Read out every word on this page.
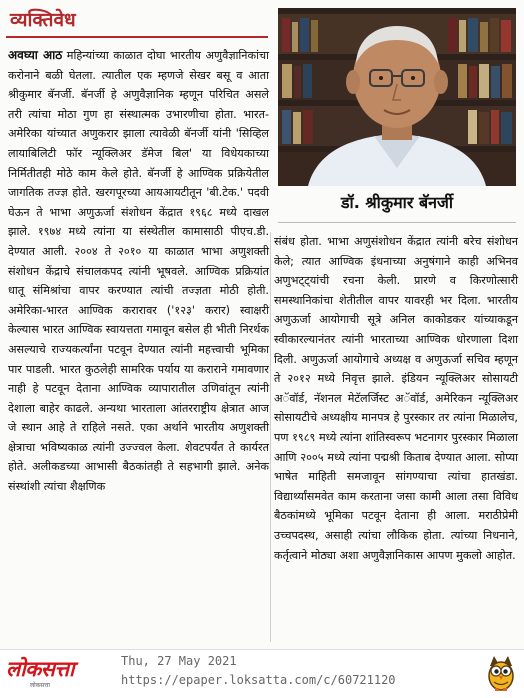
व्यक्तिवेध
अवघ्या आठ महिन्यांच्या काळात दोघा भारतीय अणुवैज्ञानिकांचा करोनाने बळी घेतला. त्यातील एक म्हणजे सेखर बसू व आता श्रीकुमार बॅनर्जी. बॅनर्जी हे अणुवैज्ञानिक म्हणून परिचित असले तरी त्यांचा मोठा गुण हा संस्थात्मक उभारणीचा होता. भारत-अमेरिका यांच्यात अणुकरार झाला त्यावेळी बॅनर्जी यांनी 'सिव्हिल लायाबिलिटी फॉर न्यूक्लिअर डॅमेज बिल' या विधेयकाच्या निर्मितीतही मोठे काम केले होते. बॅनर्जी हे आण्विक प्रक्रियेतील जागतिक तज्ज्ञ होते. खरगपूरच्या आयआयटीतून 'बी.टेक.' पदवी घेऊन ते भाभा अणुऊर्जा संशोधन केंद्रात १९६८ मध्ये दाखल झाले. १९७४ मध्ये त्यांना या संस्थेतील कामासाठी पीएच.डी. देण्यात आली. २००४ ते २०१० या काळात भाभा अणुशक्ती संशोधन केंद्राचे संचालकपद त्यांनी भूषवले. आण्विक प्रक्रियांत धातू संमिश्रांचा वापर करण्यात त्यांची तज्ज्ञता मोठी होती. अमेरिका-भारत आण्विक करारावर ('१२३' करार) स्वाक्षरी केल्यास भारत आण्विक स्वायत्तता गमावून बसेल ही भीती निरर्थक असल्याचे राज्यकर्त्यांना पटवून देण्यात त्यांनी महत्त्वाची भूमिका पार पाडली. भारत कुठलेही सामरिक पर्याय या कराराने गमावणार नाही हे पटवून देताना आण्विक व्यापारातील उणिवांतून त्यांनी देशाला बाहेर काढले. अन्यथा भारताला आंतरराष्ट्रीय क्षेत्रात आज जे स्थान आहे ते राहिले नसते. एका अर्थाने भारतीय अणुशक्ती क्षेत्राचा भविष्यकाळ त्यांनी उज्ज्वल केला. शेवटपर्यंत ते कार्यरत होते. अलीकडच्या आभासी बैठकांतही ते सहभागी झाले. अनेक संस्थांशी त्यांचा शैक्षणिक
डॉ. श्रीकुमार बॅनर्जी
संबंध होता. भाभा अणुसंशोधन केंद्रात त्यांनी बरेच संशोधन केले; त्यात आण्विक इंधनाच्या अनुषंगाने काही अभिनव अणुभट्ट्यांची रचना केली. प्रारणे व किरणोत्सारी समस्थानिकांचा शेतीतील वापर यावरही भर दिला. भारतीय अणुऊर्जा आयोगाची सूत्रे अनिल काकोडकर यांच्याकडून स्वीकारल्यानंतर त्यांनी भारताच्या आण्विक धोरणाला दिशा दिली. अणुऊर्जा आयोगाचे अध्यक्ष व अणुऊर्जा सचिव म्हणून ते २०१२ मध्ये निवृत्त झाले. इंडियन न्यूक्लिअर सोसायटी अॅवॉर्ड, नॅशनल मेटॅलर्जिस्ट अॅवॉर्ड, अमेरिकन न्यूक्लिअर सोसायटीचे अध्यक्षीय मानपत्र हे पुरस्कार तर त्यांना मिळालेच, पण १९८९ मध्ये त्यांना शांतिस्वरूप भटनागर पुरस्कार मिळाला आणि २००५ मध्ये त्यांना पद्मश्री किताब देण्यात आला. सोप्या भाषेत माहिती समजावून सांगण्याचा त्यांचा हातखंडा. विद्यार्थ्यांसमवेत काम करताना जसा कामी आला तसा विविध बैठकांमध्ये भूमिका पटवून देताना ही आला. मराठीप्रेमी उच्चपदस्थ, असाही त्यांचा लौकिक होता. त्यांच्या निधनाने, कर्तृत्वाने मोठ्या अशा अणुवैज्ञानिकास आपण मुकलो आहोत.
लोकसत्ता
लोकसत्ता
Thu, 27 May 2021
https://epaper.loksatta.com/c/60721120
